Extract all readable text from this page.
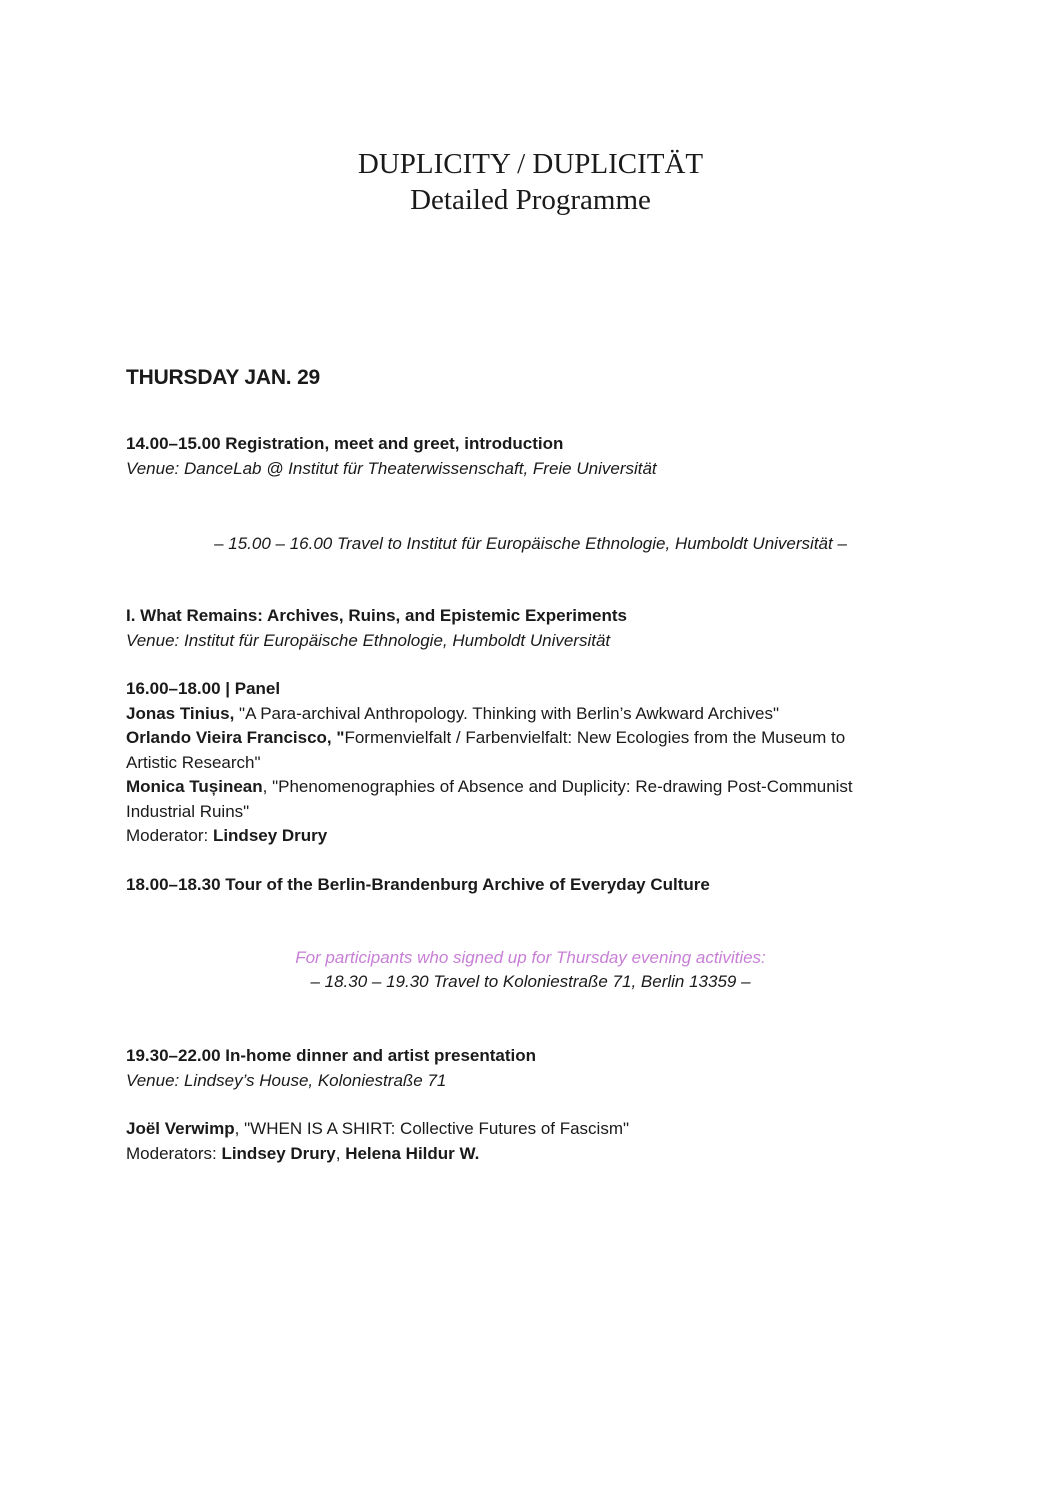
DUPLICITY / DUPLICITÄT
Detailed Programme
THURSDAY JAN. 29
14.00–15.00 Registration, meet and greet, introduction
Venue: DanceLab @ Institut für Theaterwissenschaft, Freie Universität
– 15.00 – 16.00 Travel to Institut für Europäische Ethnologie, Humboldt Universität –
I. What Remains: Archives, Ruins, and Epistemic Experiments
Venue: Institut für Europäische Ethnologie, Humboldt Universität
16.00–18.00 | Panel
Jonas Tinius, "A Para-archival Anthropology. Thinking with Berlin’s Awkward Archives"
Orlando Vieira Francisco, "Formenvielfalt / Farbenvielfalt: New Ecologies from the Museum to
Artistic Research"
Monica Tușinean, "Phenomenographies of Absence and Duplicity: Re-drawing Post-Communist
Industrial Ruins"
Moderator: Lindsey Drury
18.00–18.30 Tour of the Berlin-Brandenburg Archive of Everyday Culture
For participants who signed up for Thursday evening activities:
– 18.30 – 19.30 Travel to Koloniestraße 71, Berlin 13359 –
19.30–22.00 In-home dinner and artist presentation
Venue: Lindsey’s House, Koloniestraße 71
Joël Verwimp, "WHEN IS A SHIRT: Collective Futures of Fascism"
Moderators: Lindsey Drury, Helena Hildur W.
